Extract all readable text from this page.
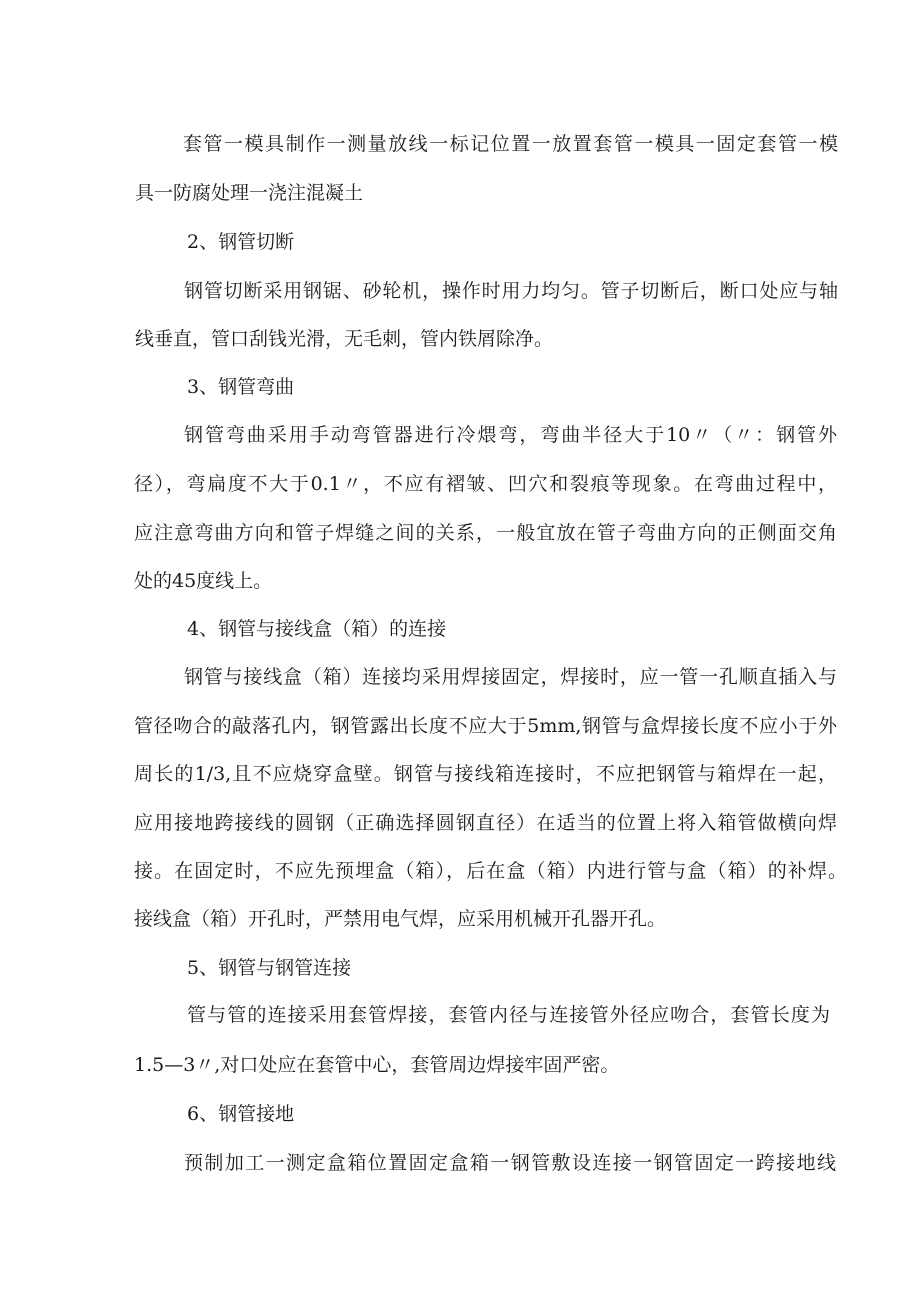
套管一模具制作一测量放线一标记位置一放置套管一模具一固定套管一模
具一防腐处理一浇注混凝土
2、钢管切断
钢管切断采用钢锯、砂轮机，操作时用力均匀。管子切断后，断口处应与轴
线垂直，管口刮钱光滑，无毛刺，管内铁屑除净。
3、钢管弯曲
钢管弯曲采用手动弯管器进行冷煨弯，弯曲半径大于10〃（〃：钢管外
径），弯扁度不大于0.1〃，不应有褶皱、凹穴和裂痕等现象。在弯曲过程中，
应注意弯曲方向和管子焊缝之间的关系，一般宜放在管子弯曲方向的正侧面交角
处的45度线上。
4、钢管与接线盒（箱）的连接
钢管与接线盒（箱）连接均采用焊接固定，焊接时，应一管一孔顺直插入与
管径吻合的敲落孔内，钢管露出长度不应大于5mm,钢管与盒焊接长度不应小于外
周长的1/3,且不应烧穿盒壁。钢管与接线箱连接时，不应把钢管与箱焊在一起，
应用接地跨接线的圆钢（正确选择圆钢直径）在适当的位置上将入箱管做横向焊
接。在固定时，不应先预埋盒（箱），后在盒（箱）内进行管与盒（箱）的补焊。
接线盒（箱）开孔时，严禁用电气焊，应采用机械开孔器开孔。
5、钢管与钢管连接
管与管的连接采用套管焊接，套管内径与连接管外径应吻合，套管长度为
1.5—3〃,对口处应在套管中心，套管周边焊接牢固严密。
6、钢管接地
预制加工一测定盒箱位置固定盒箱一钢管敷设连接一钢管固定一跨接地线
